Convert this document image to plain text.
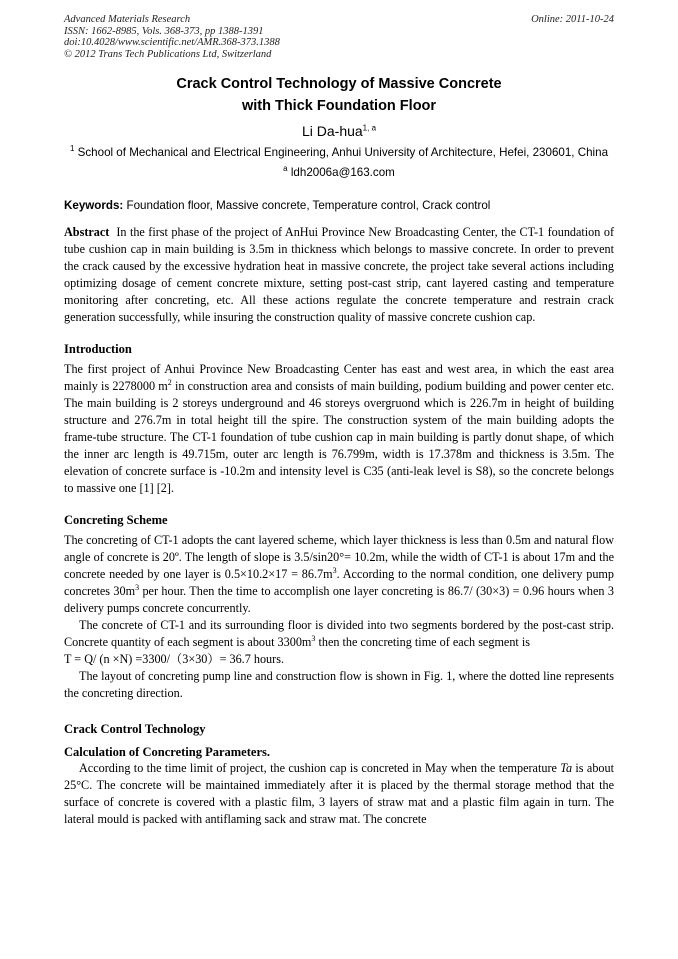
Online: 2011-10-24
Advanced Materials Research
ISSN: 1662-8985, Vols. 368-373, pp 1388-1391
doi:10.4028/www.scientific.net/AMR.368-373.1388
© 2012 Trans Tech Publications Ltd, Switzerland
Crack Control Technology of Massive Concrete
with Thick Foundation Floor
Li Da-hua$^{1, a}$
$^1$ School of Mechanical and Electrical Engineering, Anhui University of Architecture, Hefei, 230601, China
$^a$ ldh2006a@163.com
Keywords: Foundation floor, Massive concrete, Temperature control, Crack control
Abstract In the first phase of the project of AnHui Province New Broadcasting Center, the CT-1 foundation of tube cushion cap in main building is 3.5m in thickness which belongs to massive concrete. In order to prevent the crack caused by the excessive hydration heat in massive concrete, the project take several actions including optimizing dosage of cement concrete mixture, setting post-cast strip, cant layered casting and temperature monitoring after concreting, etc. All these actions regulate the concrete temperature and restrain crack generation successfully, while insuring the construction quality of massive concrete cushion cap.
Introduction

The first project of Anhui Province New Broadcasting Center has east and west area, in which the east area mainly is 2278000 $m^2$ in construction area and consists of main building, podium building and power center etc. The main building is 2 storeys underground and 46 storeys overgruond which is 226.7m in height of building structure and 276.7m in total height till the spire. The construction system of the main building adopts the frame-tube structure. The CT-1 foundation of tube cushion cap in main building is partly donut shape, of which the inner arc length is 49.715m, outer arc length is 76.799m, width is 17.378m and thickness is 3.5m. The elevation of concrete surface is -10.2m and intensity level is C35 (anti-leak level is S8), so the concrete belongs to massive one [1] [2].

Concreting Scheme

The concreting of CT-1 adopts the cant layered scheme, which layer thickness is less than 0.5m and natural flow angle of concrete is 20º. The length of slope is 3.5/sin20°= 10.2m, while the width of CT-1 is about 17m and the concrete needed by one layer is $0.5\times 10.2\times 17 = 86.7m^3$. According to the normal condition, one delivery pump concretes $30m^3$ per hour. Then the time to accomplish one layer concreting is 86.7/ (30×3) = 0.96 hours when 3 delivery pumps concrete concurrently.

The concrete of CT-1 and its surrounding floor is divided into two segments bordered by the post-cast strip. Concrete quantity of each segment is about $3300m^3$ then the concreting time of each segment is

T = Q/ (n ×N) =3300/（3×30）= 36.7 hours.

The layout of concreting pump line and construction flow is shown in Fig. 1, where the dotted line represents the concreting direction.

Crack Control Technology
Calculation of Concreting Parameters.

According to the time limit of project, the cushion cap is concreted in May when the temperature Ta is about 25°C. The concrete will be maintained immediately after it is placed by the thermal storage method that the surface of concrete is covered with a plastic film, 3 layers of straw mat and a plastic film again in turn. The lateral mould is packed with antiflaming sack and straw mat. The concrete
